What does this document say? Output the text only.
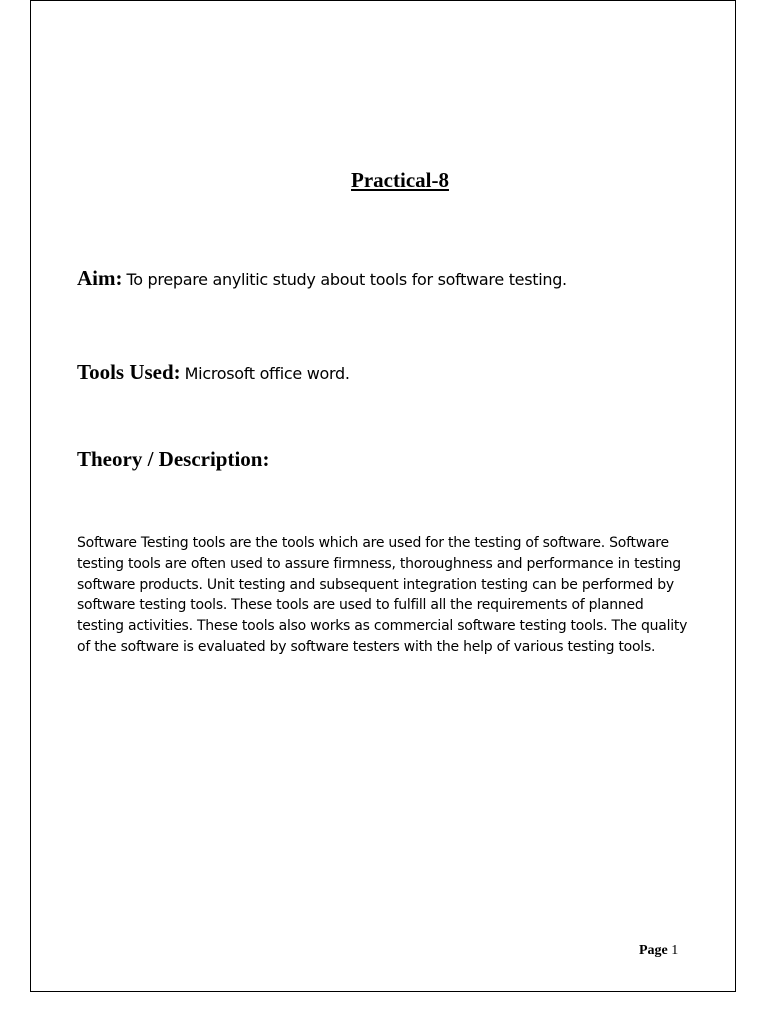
Practical-8

Aim: To prepare anylitic study about tools for software testing.

Tools Used: Microsoft office word.

Theory / Description:

Software Testing tools are the tools which are used for the testing of software. Software
testing tools are often used to assure firmness, thoroughness and performance in testing
software products. Unit testing and subsequent integration testing can be performed by
software testing tools. These tools are used to fulfill all the requirements of planned
testing activities. These tools also works as commercial software testing tools. The quality
of the software is evaluated by software testers with the help of various testing tools.

Page 1
